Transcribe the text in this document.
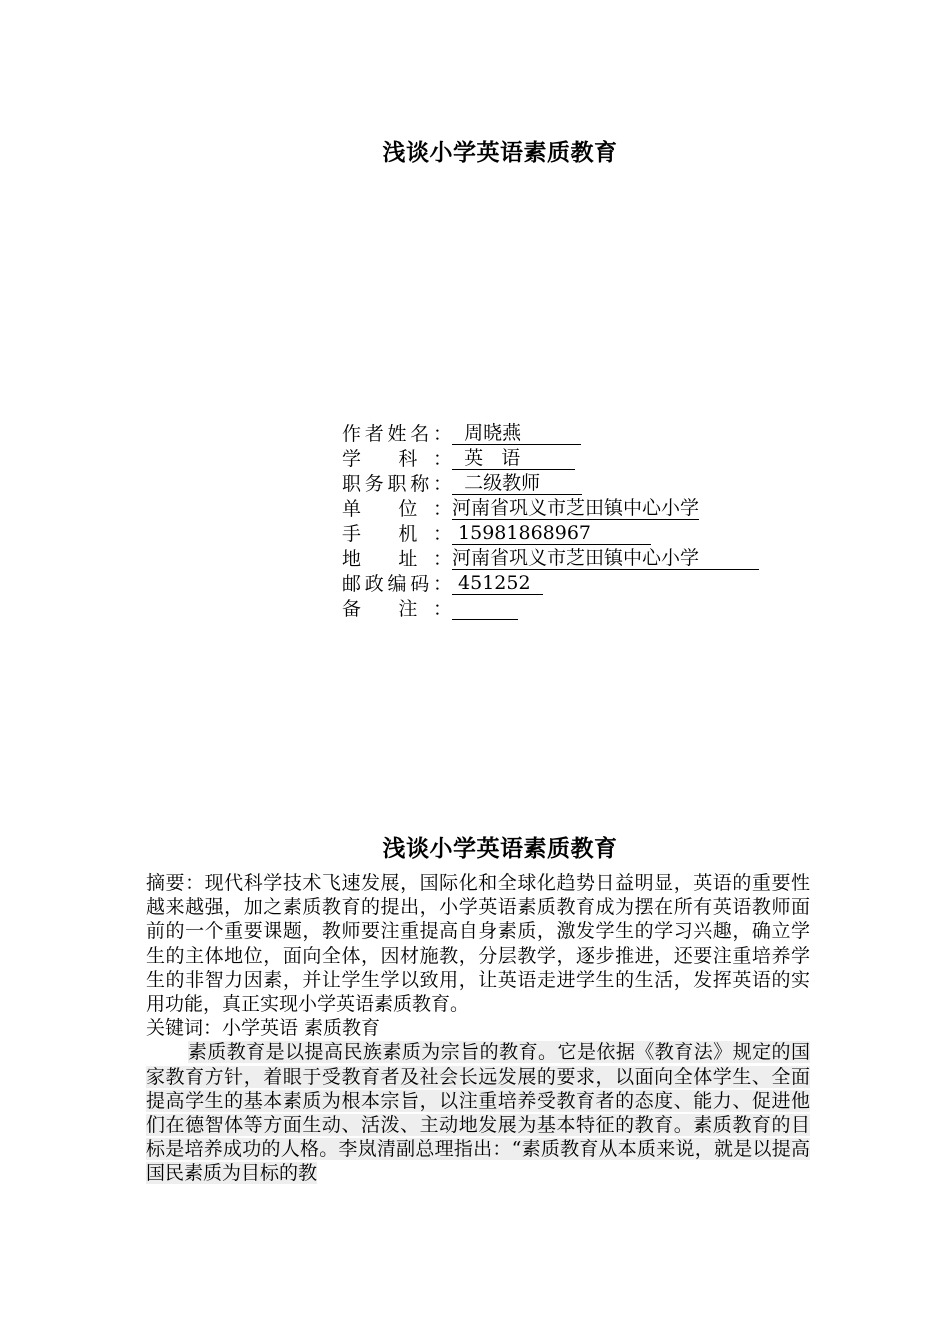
浅谈小学英语素质教育
作者姓名：  周晓燕
学 科：  英   语
职务职称：  二级教师
单 位：河南省巩义市芝田镇中心小学
手 机： 15981868967
地 址：河南省巩义市芝田镇中心小学
邮政编码： 451252
备 注：
浅谈小学英语素质教育

摘要：现代科学技术飞速发展，国际化和全球化趋势日益明显，英语的重要性越来越强，加之素质教育的提出，小学英语素质教育成为摆在所有英语教师面前的一个重要课题，教师要注重提高自身素质，激发学生的学习兴趣，确立学生的主体地位，面向全体，因材施教，分层教学，逐步推进，还要注重培养学生的非智力因素，并让学生学以致用，让英语走进学生的生活，发挥英语的实用功能，真正实现小学英语素质教育。

关键词：小学英语 素质教育

素质教育是以提高民族素质为宗旨的教育。它是依据《教育法》规定的国家教育方针，着眼于受教育者及社会长远发展的要求，以面向全体学生、全面提高学生的基本素质为根本宗旨，以注重培养受教育者的态度、能力、促进他们在德智体等方面生动、活泼、主动地发展为基本特征的教育。素质教育的目标是培养成功的人格。李岚清副总理指出：“素质教育从本质来说，就是以提高国民素质为目标的教
